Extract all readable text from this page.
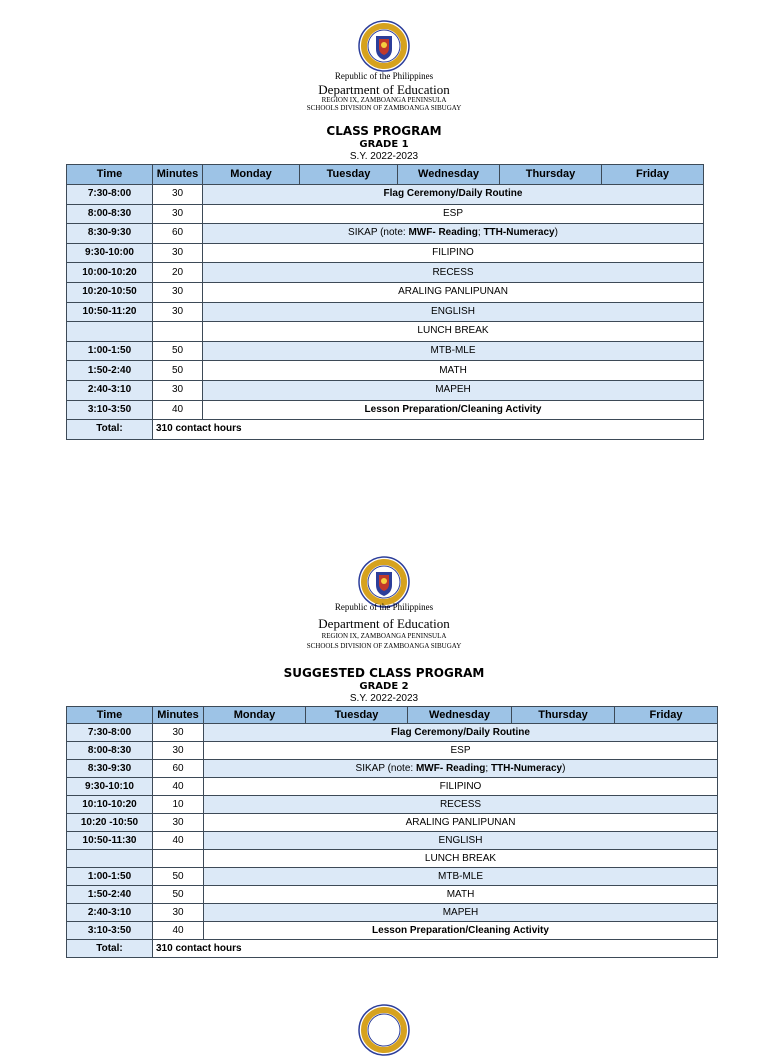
Republic of the Philippines
Department of Education
REGION IX, ZAMBOANGA PENINSULA
SCHOOLS DIVISION OF ZAMBOANGA SIBUGAY
CLASS PROGRAM
GRADE 1
S.Y. 2022-2023
Time	Minutes	Monday	Tuesday	Wednesday	Thursday	Friday
7:30-8:00	30	Flag Ceremony/Daily Routine				
8:00-8:30	30	ESP				
8:30-9:30	60	SIKAP (note: MWF- Reading; TTH-Numeracy)				
9:30-10:00	30	FILIPINO				
10:00-10:20	20	RECESS				
10:20-10:50	30	ARALING PANLIPUNAN				
10:50-11:20	30	ENGLISH				
		LUNCH BREAK				
1:00-1:50	50	MTB-MLE				
1:50-2:40	50	MATH				
2:40-3:10	30	MAPEH				
3:10-3:50	40	Lesson Preparation/Cleaning Activity				
Total:	310 contact hours					
Republic of the Philippines
Department of Education
REGION IX, ZAMBOANGA PENINSULA
SCHOOLS DIVISION OF ZAMBOANGA SIBUGAY
SUGGESTED CLASS PROGRAM
GRADE 2
S.Y. 2022-2023
Time	Minutes	Monday	Tuesday	Wednesday	Thursday	Friday
7:30-8:00	30	Flag Ceremony/Daily Routine				
8:00-8:30	30	ESP				
8:30-9:30	60	SIKAP (note: MWF- Reading; TTH-Numeracy)				
9:30-10:10	40	FILIPINO				
10:10-10:20	10	RECESS				
10:20 -10:50	30	ARALING PANLIPUNAN				
10:50-11:30	40	ENGLISH				
		LUNCH BREAK				
1:00-1:50	50	MTB-MLE				
1:50-2:40	50	MATH				
2:40-3:10	30	MAPEH				
3:10-3:50	40	Lesson Preparation/Cleaning Activity				
Total:	310 contact hours					
